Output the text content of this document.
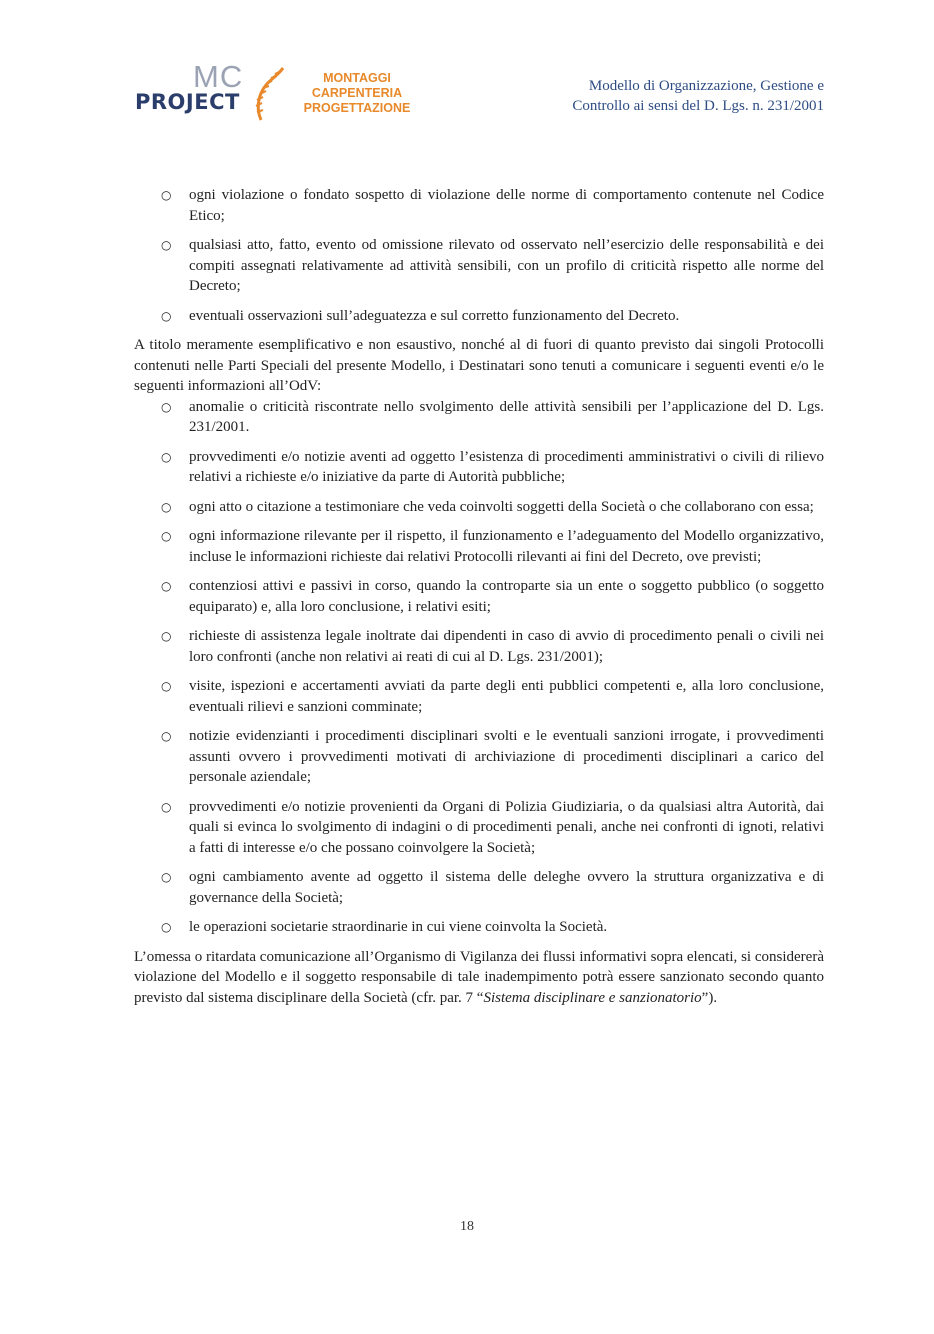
MC
PROJECT
MONTAGGI
CARPENTERIA
PROGETTAZIONE
Modello di Organizzazione, Gestione e
Controllo ai sensi del D. Lgs. n. 231/2001
○ ogni violazione o fondato sospetto di violazione delle norme di comportamento contenute nel Codice Etico;
○ qualsiasi atto, fatto, evento od omissione rilevato od osservato nell’esercizio delle responsabilità e dei compiti assegnati relativamente ad attività sensibili, con un profilo di criticità rispetto alle norme del Decreto;
○ eventuali osservazioni sull’adeguatezza e sul corretto funzionamento del Decreto.

A titolo meramente esemplificativo e non esaustivo, nonché al di fuori di quanto previsto dai singoli Protocolli contenuti nelle Parti Speciali del presente Modello, i Destinatari sono tenuti a comunicare i seguenti eventi e/o le seguenti informazioni all’OdV:

○ anomalie o criticità riscontrate nello svolgimento delle attività sensibili per l’applicazione del D. Lgs. 231/2001.
○ provvedimenti e/o notizie aventi ad oggetto l’esistenza di procedimenti amministrativi o civili di rilievo relativi a richieste e/o iniziative da parte di Autorità pubbliche;
○ ogni atto o citazione a testimoniare che veda coinvolti soggetti della Società o che collaborano con essa;
○ ogni informazione rilevante per il rispetto, il funzionamento e l’adeguamento del Modello organizzativo, incluse le informazioni richieste dai relativi Protocolli rilevanti ai fini del Decreto, ove previsti;
○ contenziosi attivi e passivi in corso, quando la controparte sia un ente o soggetto pubblico (o soggetto equiparato) e, alla loro conclusione, i relativi esiti;
○ richieste di assistenza legale inoltrate dai dipendenti in caso di avvio di procedimento penali o civili nei loro confronti (anche non relativi ai reati di cui al D. Lgs. 231/2001);
○ visite, ispezioni e accertamenti avviati da parte degli enti pubblici competenti e, alla loro conclusione, eventuali rilievi e sanzioni comminate;
○ notizie evidenzianti i procedimenti disciplinari svolti e le eventuali sanzioni irrogate, i provvedimenti assunti ovvero i provvedimenti motivati di archiviazione di procedimenti disciplinari a carico del personale aziendale;
○ provvedimenti e/o notizie provenienti da Organi di Polizia Giudiziaria, o da qualsiasi altra Autorità, dai quali si evinca lo svolgimento di indagini o di procedimenti penali, anche nei confronti di ignoti, relativi a fatti di interesse e/o che possano coinvolgere la Società;
○ ogni cambiamento avente ad oggetto il sistema delle deleghe ovvero la struttura organizzativa e di governance della Società;
○ le operazioni societarie straordinarie in cui viene coinvolta la Società.

L’omessa o ritardata comunicazione all’Organismo di Vigilanza dei flussi informativi sopra elencati, si considererà violazione del Modello e il soggetto responsabile di tale inadempimento potrà essere sanzionato secondo quanto previsto dal sistema disciplinare della Società (cfr. par. 7 “Sistema disciplinare e sanzionatorio”).

18
